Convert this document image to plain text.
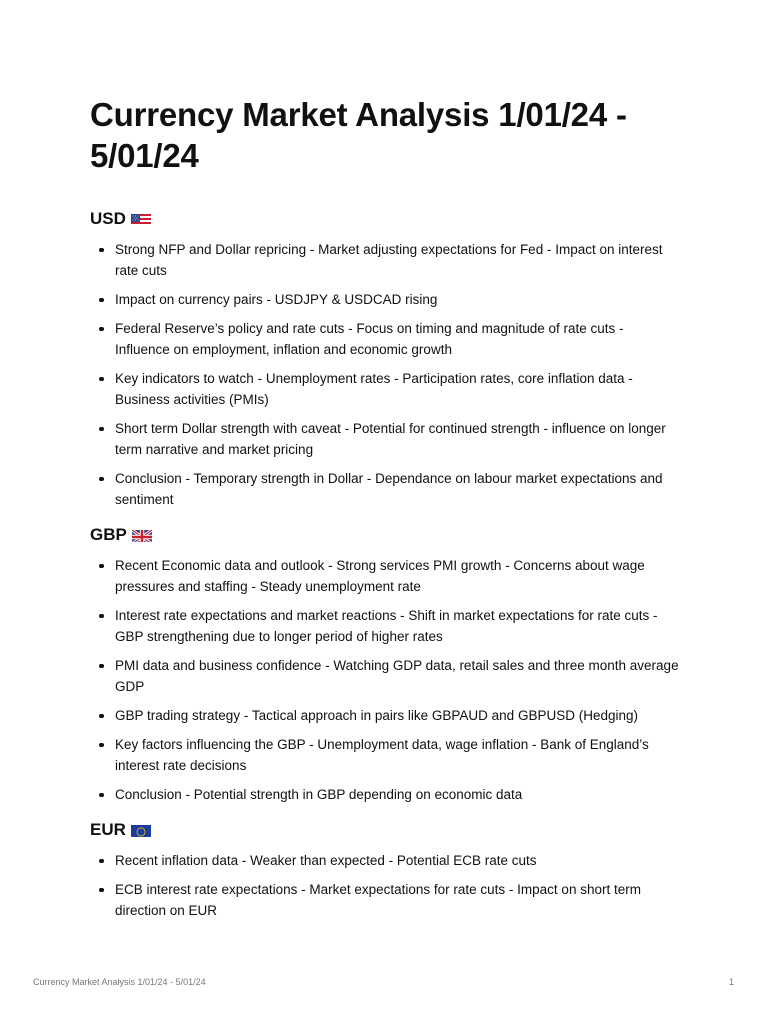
Currency Market Analysis 1/01/24 - 5/01/24
USD
Strong NFP and Dollar repricing - Market adjusting expectations for Fed - Impact on interest rate cuts
Impact on currency pairs - USDJPY & USDCAD rising
Federal Reserve’s policy and rate cuts - Focus on timing and magnitude of rate cuts - Influence on employment, inflation and economic growth
Key indicators to watch - Unemployment rates - Participation rates, core inflation data - Business activities (PMIs)
Short term Dollar strength with caveat - Potential for continued strength - influence on longer term narrative and market pricing
Conclusion - Temporary strength in Dollar - Dependance on labour market expectations and sentiment
GBP
Recent Economic data and outlook - Strong services PMI growth - Concerns about wage pressures and staffing - Steady unemployment rate
Interest rate expectations and market reactions - Shift in market expectations for rate cuts - GBP strengthening due to longer period of higher rates
PMI data and business confidence - Watching GDP data, retail sales and three month average GDP
GBP trading strategy - Tactical approach in pairs like GBPAUD and GBPUSD (Hedging)
Key factors influencing the GBP - Unemployment data, wage inflation - Bank of England’s interest rate decisions
Conclusion - Potential strength in GBP depending on economic data
EUR
Recent inflation data - Weaker than expected - Potential ECB rate cuts
ECB interest rate expectations - Market expectations for rate cuts - Impact on short term direction on EUR
Currency Market Analysis 1/01/24 - 5/01/24	1
